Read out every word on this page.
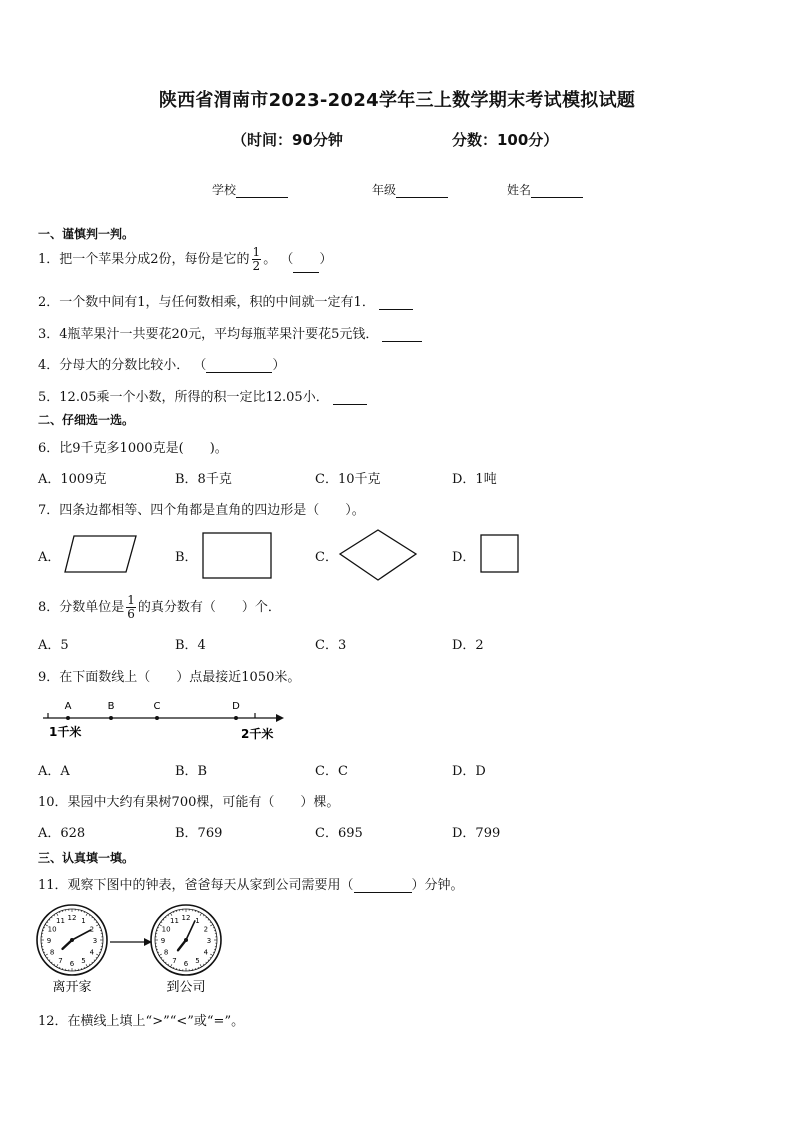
陕西省渭南市2023-2024学年三上数学期末考试模拟试题
（时间：90分钟	分数：100分）
学校	年级	姓名
一、谨慎判一判。
1．把一个苹果分成2份，每份是它的 $\frac{1}{2}$ 。 （ ）
2．一个数中间有1，与任何数相乘，积的中间就一定有1．
3．4瓶苹果汁一共要花20元，平均每瓶苹果汁要花5元钱．
4．分母大的分数比较小． （	）
5．12.05乘一个小数，所得的积一定比12.05小．
二、仔细选一选。
6．比9千克多1000克是(　　)。
A．1009克	B．8千克	C．10千克	D．1吨
7．四条边都相等、四个角都是直角的四边形是（　　）。
A．	B．	C．	D．
8．分数单位是 $\frac{1}{6}$ 的真分数有（　　）个．
A．5	B．4	C．3	D．2
9．在下面数线上（　　）点最接近1050米。
A	B	C	D
1千米	2千米
A．A	B．B	C．C	D．D
10．果园中大约有果树700棵，可能有（　　）棵。
A．628	B．769	C．695	D．799
三、认真填一填。
11．观察下图中的钟表，爸爸每天从家到公司需要用（	）分钟。
12 1
2
3
4
5
6
7
8
9
10
11	12 1
2
3
4
5
6
7
8
9
10
11
离开家	到公司
12．在横线上填上“>”“<”或“=”。
